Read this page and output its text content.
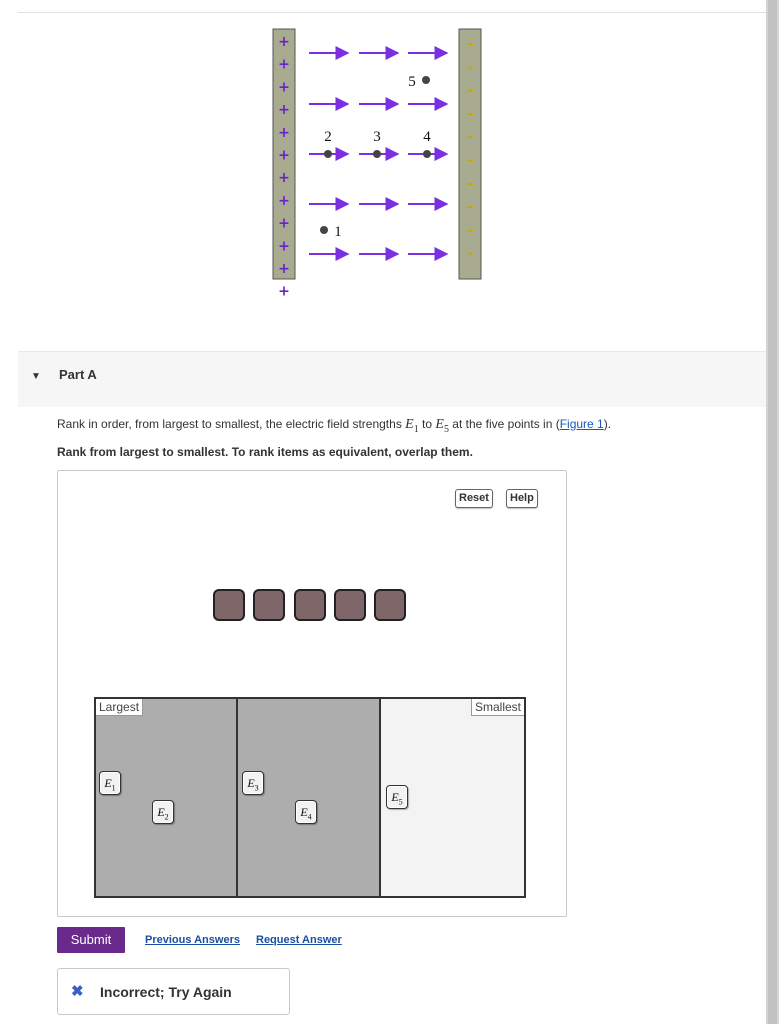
+
+
+
+
+
+
+
+
+
+
+
+
–
–
–
–
–
–
–
–
–
–
1
2	3	4
5
▼ Part A
Rank in order, from largest to smallest, the electric field strengths $E_1$ to $E_5$ at the five points in (Figure 1).
Rank from largest to smallest. To rank items as equivalent, overlap them.
Reset	Help
Largest	Smallest
$E_1$
$E_2$
$E_3$
$E_4$
$E_5$
Submit	Previous Answers Request Answer
✖ Incorrect; Try Again
